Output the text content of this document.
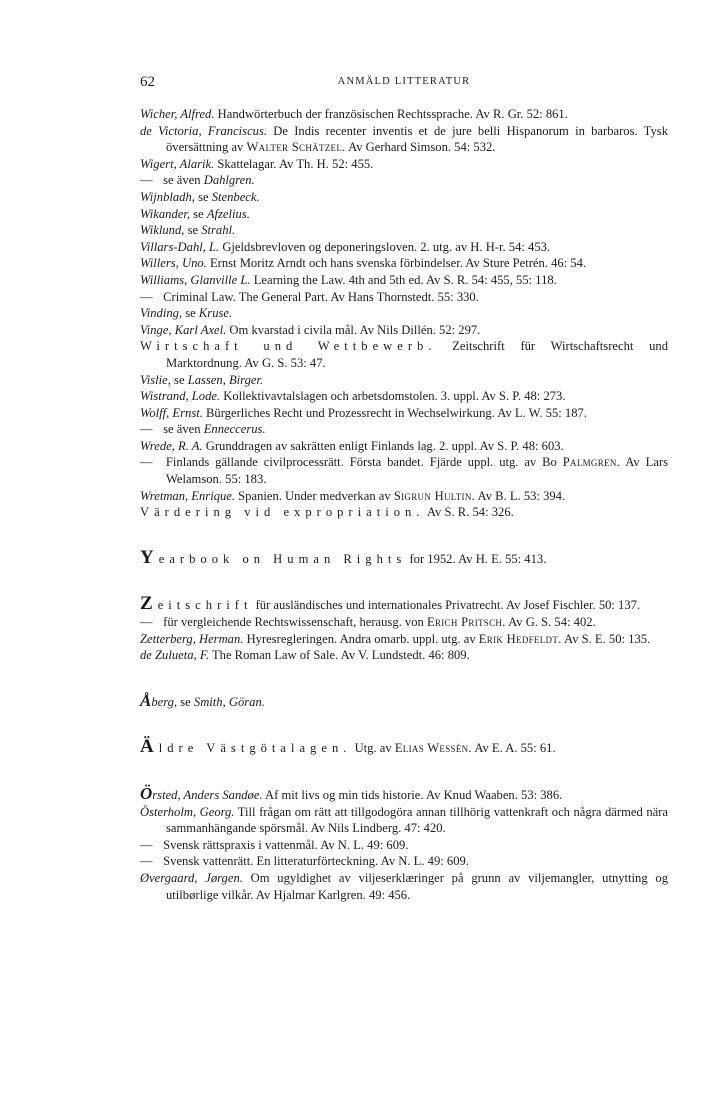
62	ANMÄLD LITTERATUR

Wicher, Alfred. Handwörterbuch der französischen Rechtssprache. Av R. Gr. 52: 861.

de Victoria, Franciscus. De Indis recenter inventis et de jure belli Hispanorum in barbaros. Tysk översättning av Walter Schätzel. Av Gerhard Simson. 54: 532.

Wigert, Alarik. Skattelagar. Av Th. H. 52: 455.

— se även Dahlgren.

Wijnbladh, se Stenbeck.

Wikander, se Afzelius.

Wiklund, se Strahl.

Villars-Dahl, L. Gjeldsbrevloven og deponeringsloven. 2. utg. av H. H-r. 54: 453.

Willers, Uno. Ernst Moritz Arndt och hans svenska förbindelser. Av Sture Petrén. 46: 54.

Williams, Glanville L. Learning the Law. 4th and 5th ed. Av S. R. 54: 455, 55: 118.

— Criminal Law. The General Part. Av Hans Thornstedt. 55: 330.

Vinding, se Kruse.

Vinge, Karl Axel. Om kvarstad i civila mål. Av Nils Dillén. 52: 297.

Wirtschaft und Wettbewerb. Zeitschrift für Wirtschaftsrecht und Marktordnung. Av G. S. 53: 47.

Vislie, se Lassen, Birger.

Wistrand, Lode. Kollektivavtalslagen och arbetsdomstolen. 3. uppl. Av S. P. 48: 273.

Wolff, Ernst. Bürgerliches Recht und Prozessrecht in Wechselwirkung. Av L. W. 55: 187.

— se även Enneccerus.

Wrede, R. A. Grunddragen av sakrätten enligt Finlands lag. 2. uppl. Av S. P. 48: 603.

— Finlands gällande civilprocessrätt. Första bandet. Fjärde uppl. utg. av Bo Palmgren. Av Lars Welamson. 55: 183.

Wretman, Enrique. Spanien. Under medverkan av Sigrun Hultin. Av B. L. 53: 394.

Värdering vid expropriation. Av S. R. 54: 326.

Yearbook on Human Rights for 1952. Av H. E. 55: 413.

Zeitschrift für ausländisches und internationales Privatrecht. Av Josef Fischler. 50: 137.

— für vergleichende Rechtswissenschaft, herausg. von Erich Pritsch. Av G. S. 54: 402.

Zetterberg, Herman. Hyresregleringen. Andra omarb. uppl. utg. av Erik Hedfeldt. Av S. E. 50: 135.

de Zulueta, F. The Roman Law of Sale. Av V. Lundstedt. 46: 809.

Åberg, se Smith, Göran.

Äldre Västgötalagen. Utg. av Elias Wessén. Av E. A. 55: 61.

Örsted, Anders Sandøe. Af mit livs og min tids historie. Av Knud Waaben. 53: 386.

Österholm, Georg. Till frågan om rätt att tillgodogöra annan tillhörig vattenkraft och några därmed nära sammanhängande spörsmål. Av Nils Lindberg. 47: 420.

— Svensk rättspraxis i vattenmål. Av N. L. 49: 609.

— Svensk vattenrätt. En litteraturförteckning. Av N. L. 49: 609.

Øvergaard, Jørgen. Om ugyldighet av viljeserklæringer på grunn av viljemangler, utnytting og utilbørlige vilkår. Av Hjalmar Karlgren. 49: 456.
